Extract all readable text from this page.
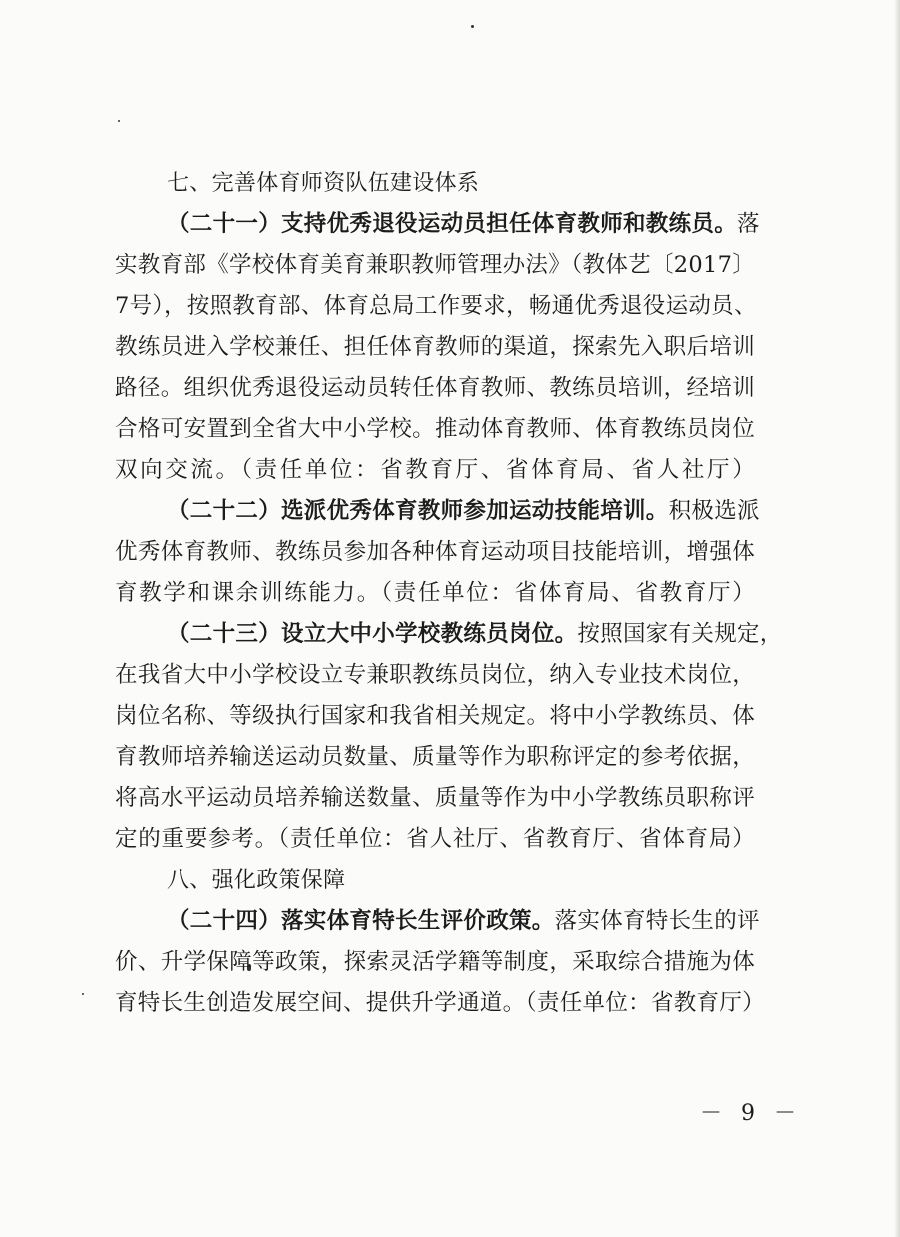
七、完善体育师资队伍建设体系
（二十一）支持优秀退役运动员担任体育教师和教练员。落
实教育部《学校体育美育兼职教师管理办法》（教体艺〔2017〕
7号），按照教育部、体育总局工作要求，畅通优秀退役运动员、
教练员进入学校兼任、担任体育教师的渠道，探索先入职后培训
路径。组织优秀退役运动员转任体育教师、教练员培训，经培训
合格可安置到全省大中小学校。推动体育教师、体育教练员岗位
双向交流。（责任单位：省教育厅、省体育局、省人社厅）
（二十二）选派优秀体育教师参加运动技能培训。积极选派
优秀体育教师、教练员参加各种体育运动项目技能培训，增强体
育教学和课余训练能力。（责任单位：省体育局、省教育厅）
（二十三）设立大中小学校教练员岗位。按照国家有关规定，
在我省大中小学校设立专兼职教练员岗位，纳入专业技术岗位，
岗位名称、等级执行国家和我省相关规定。将中小学教练员、体
育教师培养输送运动员数量、质量等作为职称评定的参考依据，
将高水平运动员培养输送数量、质量等作为中小学教练员职称评
定的重要参考。（责任单位：省人社厅、省教育厅、省体育局）
八、强化政策保障
（二十四）落实体育特长生评价政策。落实体育特长生的评
价、升学保障等政策，探索灵活学籍等制度，采取综合措施为体
育特长生创造发展空间、提供升学通道。（责任单位：省教育厅）
－ 9 －
